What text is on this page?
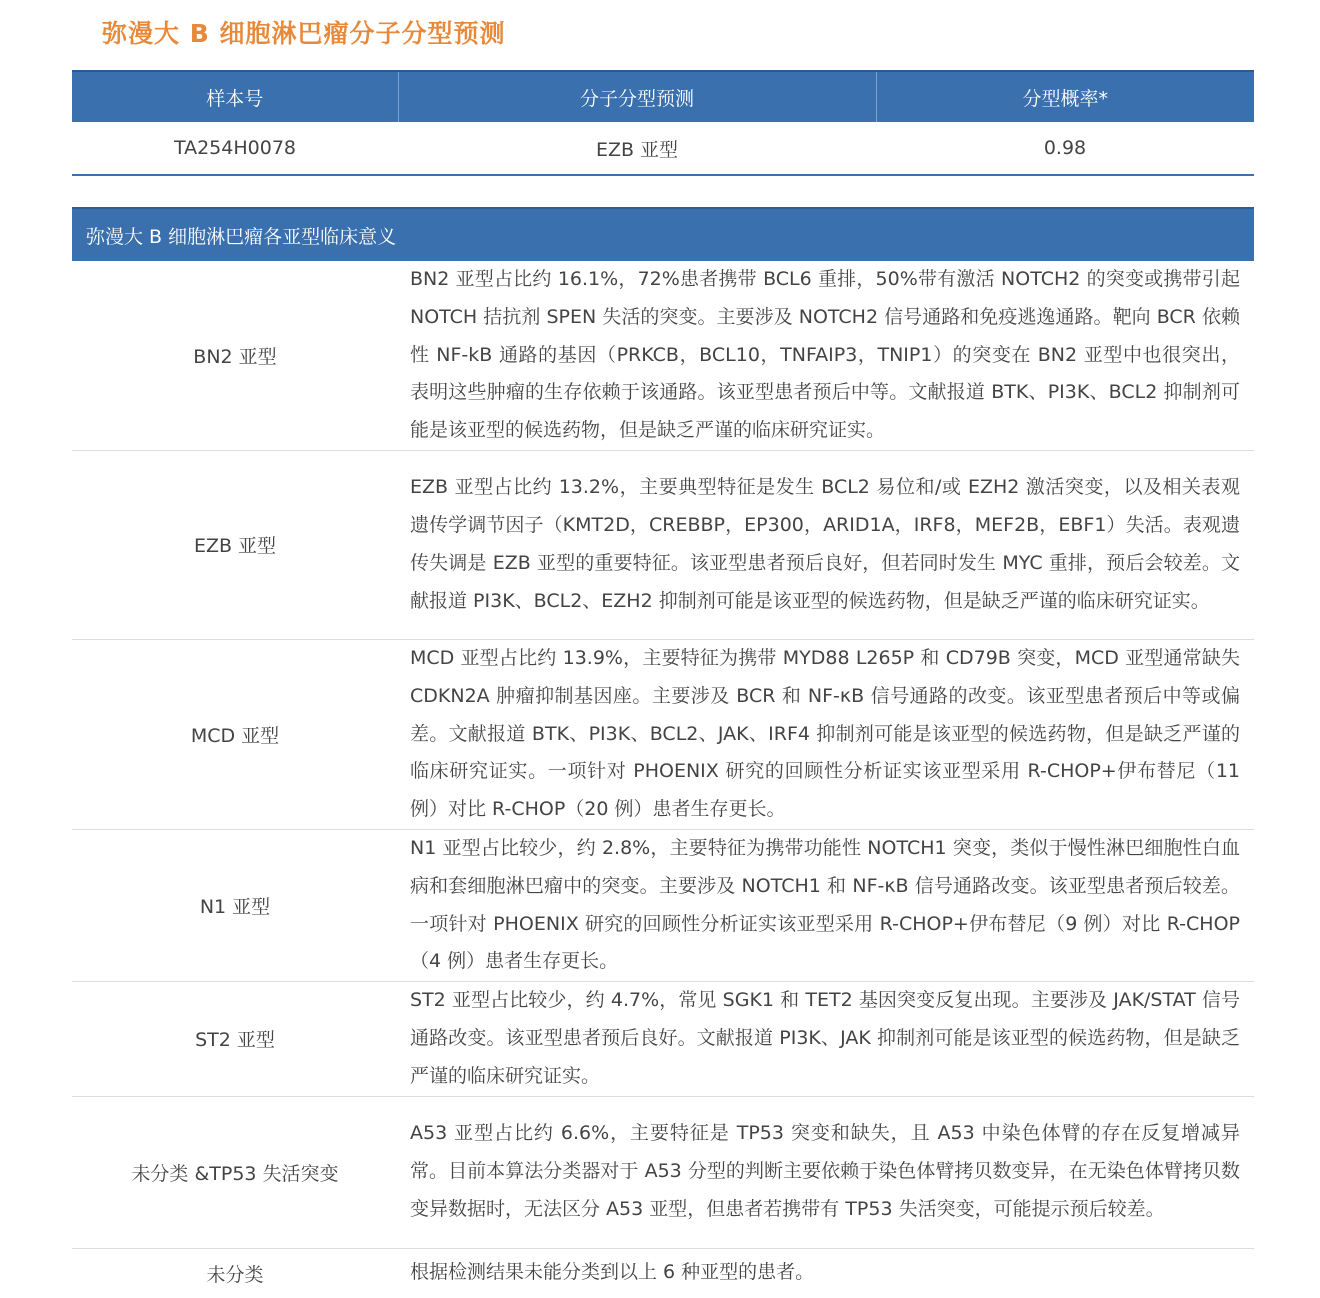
弥漫大 B 细胞淋巴瘤分子分型预测
样本号	分子分型预测	分型概率*
TA254H0078	EZB 亚型	0.98
弥漫大 B 细胞淋巴瘤各亚型临床意义	
BN2 亚型	BN2 亚型占比约 16.1%，72%患者携带 BCL6 重排，50%带有激活 NOTCH2 的突变或携带引起 NOTCH 拮抗剂 SPEN 失活的突变。主要涉及 NOTCH2 信号通路和免疫逃逸通路。靶向 BCR 依赖性 NF-kB 通路的基因（PRKCB，BCL10，TNFAIP3，TNIP1）的突变在 BN2 亚型中也很突出，表明这些肿瘤的生存依赖于该通路。该亚型患者预后中等。文献报道 BTK、PI3K、BCL2 抑制剂可能是该亚型的候选药物，但是缺乏严谨的临床研究证实。
EZB 亚型	EZB 亚型占比约 13.2%，主要典型特征是发生 BCL2 易位和/或 EZH2 激活突变，以及相关表观遗传学调节因子（KMT2D，CREBBP，EP300，ARID1A，IRF8，MEF2B，EBF1）失活。表观遗传失调是 EZB 亚型的重要特征。该亚型患者预后良好，但若同时发生 MYC 重排，预后会较差。文献报道 PI3K、BCL2、EZH2 抑制剂可能是该亚型的候选药物，但是缺乏严谨的临床研究证实。
MCD 亚型	MCD 亚型占比约 13.9%，主要特征为携带 MYD88 L265P 和 CD79B 突变，MCD 亚型通常缺失 CDKN2A 肿瘤抑制基因座。主要涉及 BCR 和 NF-κB 信号通路的改变。该亚型患者预后中等或偏差。文献报道 BTK、PI3K、BCL2、JAK、IRF4 抑制剂可能是该亚型的候选药物，但是缺乏严谨的临床研究证实。一项针对 PHOENIX 研究的回顾性分析证实该亚型采用 R-CHOP+伊布替尼（11 例）对比 R-CHOP（20 例）患者生存更长。
N1 亚型	N1 亚型占比较少，约 2.8%，主要特征为携带功能性 NOTCH1 突变，类似于慢性淋巴细胞性白血病和套细胞淋巴瘤中的突变。主要涉及 NOTCH1 和 NF-κB 信号通路改变。该亚型患者预后较差。一项针对 PHOENIX 研究的回顾性分析证实该亚型采用 R-CHOP+伊布替尼（9 例）对比 R-CHOP（4 例）患者生存更长。
ST2 亚型	ST2 亚型占比较少，约 4.7%，常见 SGK1 和 TET2 基因突变反复出现。主要涉及 JAK/STAT 信号通路改变。该亚型患者预后良好。文献报道 PI3K、JAK 抑制剂可能是该亚型的候选药物，但是缺乏严谨的临床研究证实。
未分类 &TP53 失活突变	A53 亚型占比约 6.6%，主要特征是 TP53 突变和缺失，且 A53 中染色体臂的存在反复增减异常。目前本算法分类器对于 A53 分型的判断主要依赖于染色体臂拷贝数变异，在无染色体臂拷贝数变异数据时，无法区分 A53 亚型，但患者若携带有 TP53 失活突变，可能提示预后较差。
未分类	根据检测结果未能分类到以上 6 种亚型的患者。
